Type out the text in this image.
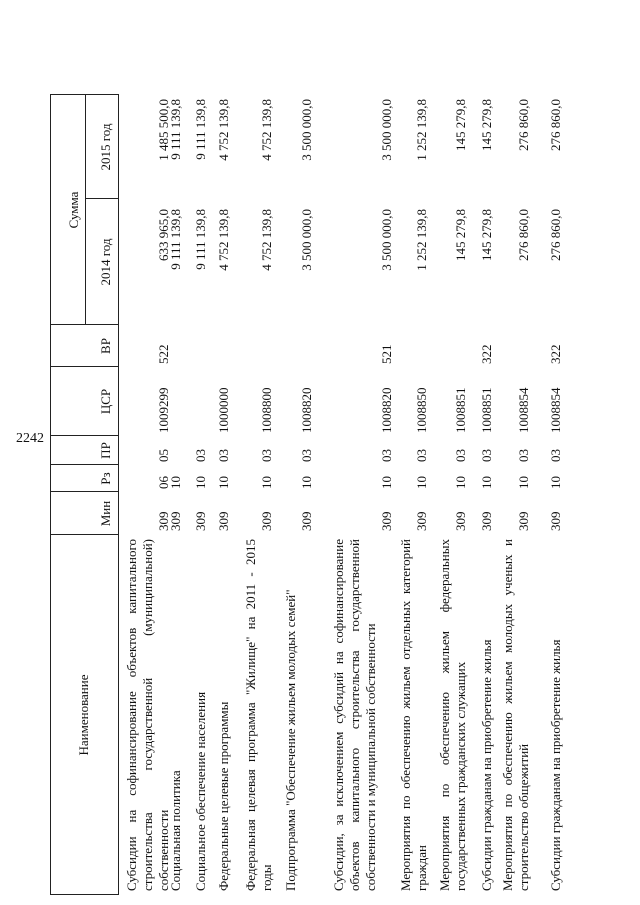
2242
Наименование
Мин
Рз
ПР
ЦСР
ВР
Сумма
2014 год
2015 год
Субсидии на софинансирование объектов капитального строительства государственной (муниципальной) собственности
309
06
05
1009299
522
633 965,0
1 485 500,0
Социальная политика
309
10
9 111 139,8
9 111 139,8
Социальное обеспечение населения
309
10
03
9 111 139,8
9 111 139,8
Федеральные целевые программы
309
10
03
1000000
4 752 139,8
4 752 139,8
Федеральная целевая программа "Жилище" на 2011 - 2015 годы
309
10
03
1008800
4 752 139,8
4 752 139,8
Подпрограмма "Обеспечение жильем молодых семей"
309
10
03
1008820
3 500 000,0
3 500 000,0
Субсидии, за исключением субсидий на софинансирование объектов капитального строительства государственной собственности и муниципальной собственности
309
10
03
1008820
521
3 500 000,0
3 500 000,0
Мероприятия по обеспечению жильем отдельных категорий граждан
309
10
03
1008850
1 252 139,8
1 252 139,8
Мероприятия по обеспечению жильем федеральных государственных гражданских служащих
309
10
03
1008851
145 279,8
145 279,8
Субсидии гражданам на приобретение жилья
309
10
03
1008851
322
145 279,8
145 279,8
Мероприятия по обеспечению жильем молодых ученых и строительство общежитий
309
10
03
1008854
276 860,0
276 860,0
Субсидии гражданам на приобретение жилья
309
10
03
1008854
322
276 860,0
276 860,0
